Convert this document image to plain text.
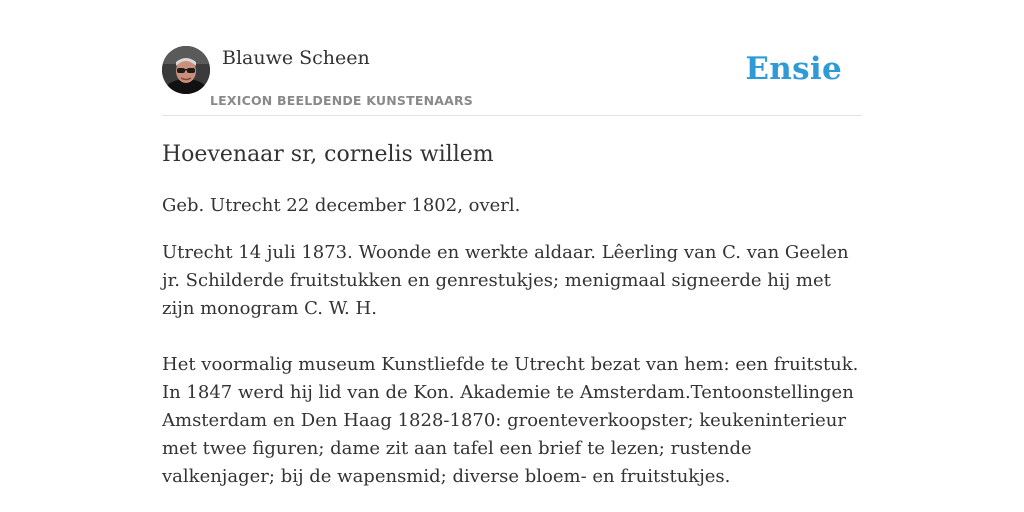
Blauwe Scheen
LEXICON BEELDENDE KUNSTENAARS
Ensie
Hoevenaar sr, cornelis willem

Geb. Utrecht 22 december 1802, overl.

Utrecht 14 juli 1873. Woonde en werkte aldaar. Lêerling van C. van Geelen jr. Schilderde fruitstukken en genrestukjes; menigmaal signeerde hij met zijn monogram C. W. H.

Het voormalig museum Kunstliefde te Utrecht bezat van hem: een fruitstuk. In 1847 werd hij lid van de Kon. Akademie te Amsterdam.Tentoonstellingen Amsterdam en Den Haag 1828-1870: groenteverkoopster; keukeninterieur met twee figuren; dame zit aan tafel een brief te lezen; rustende valkenjager; bij de wapensmid; diverse bloem- en fruitstukjes.
